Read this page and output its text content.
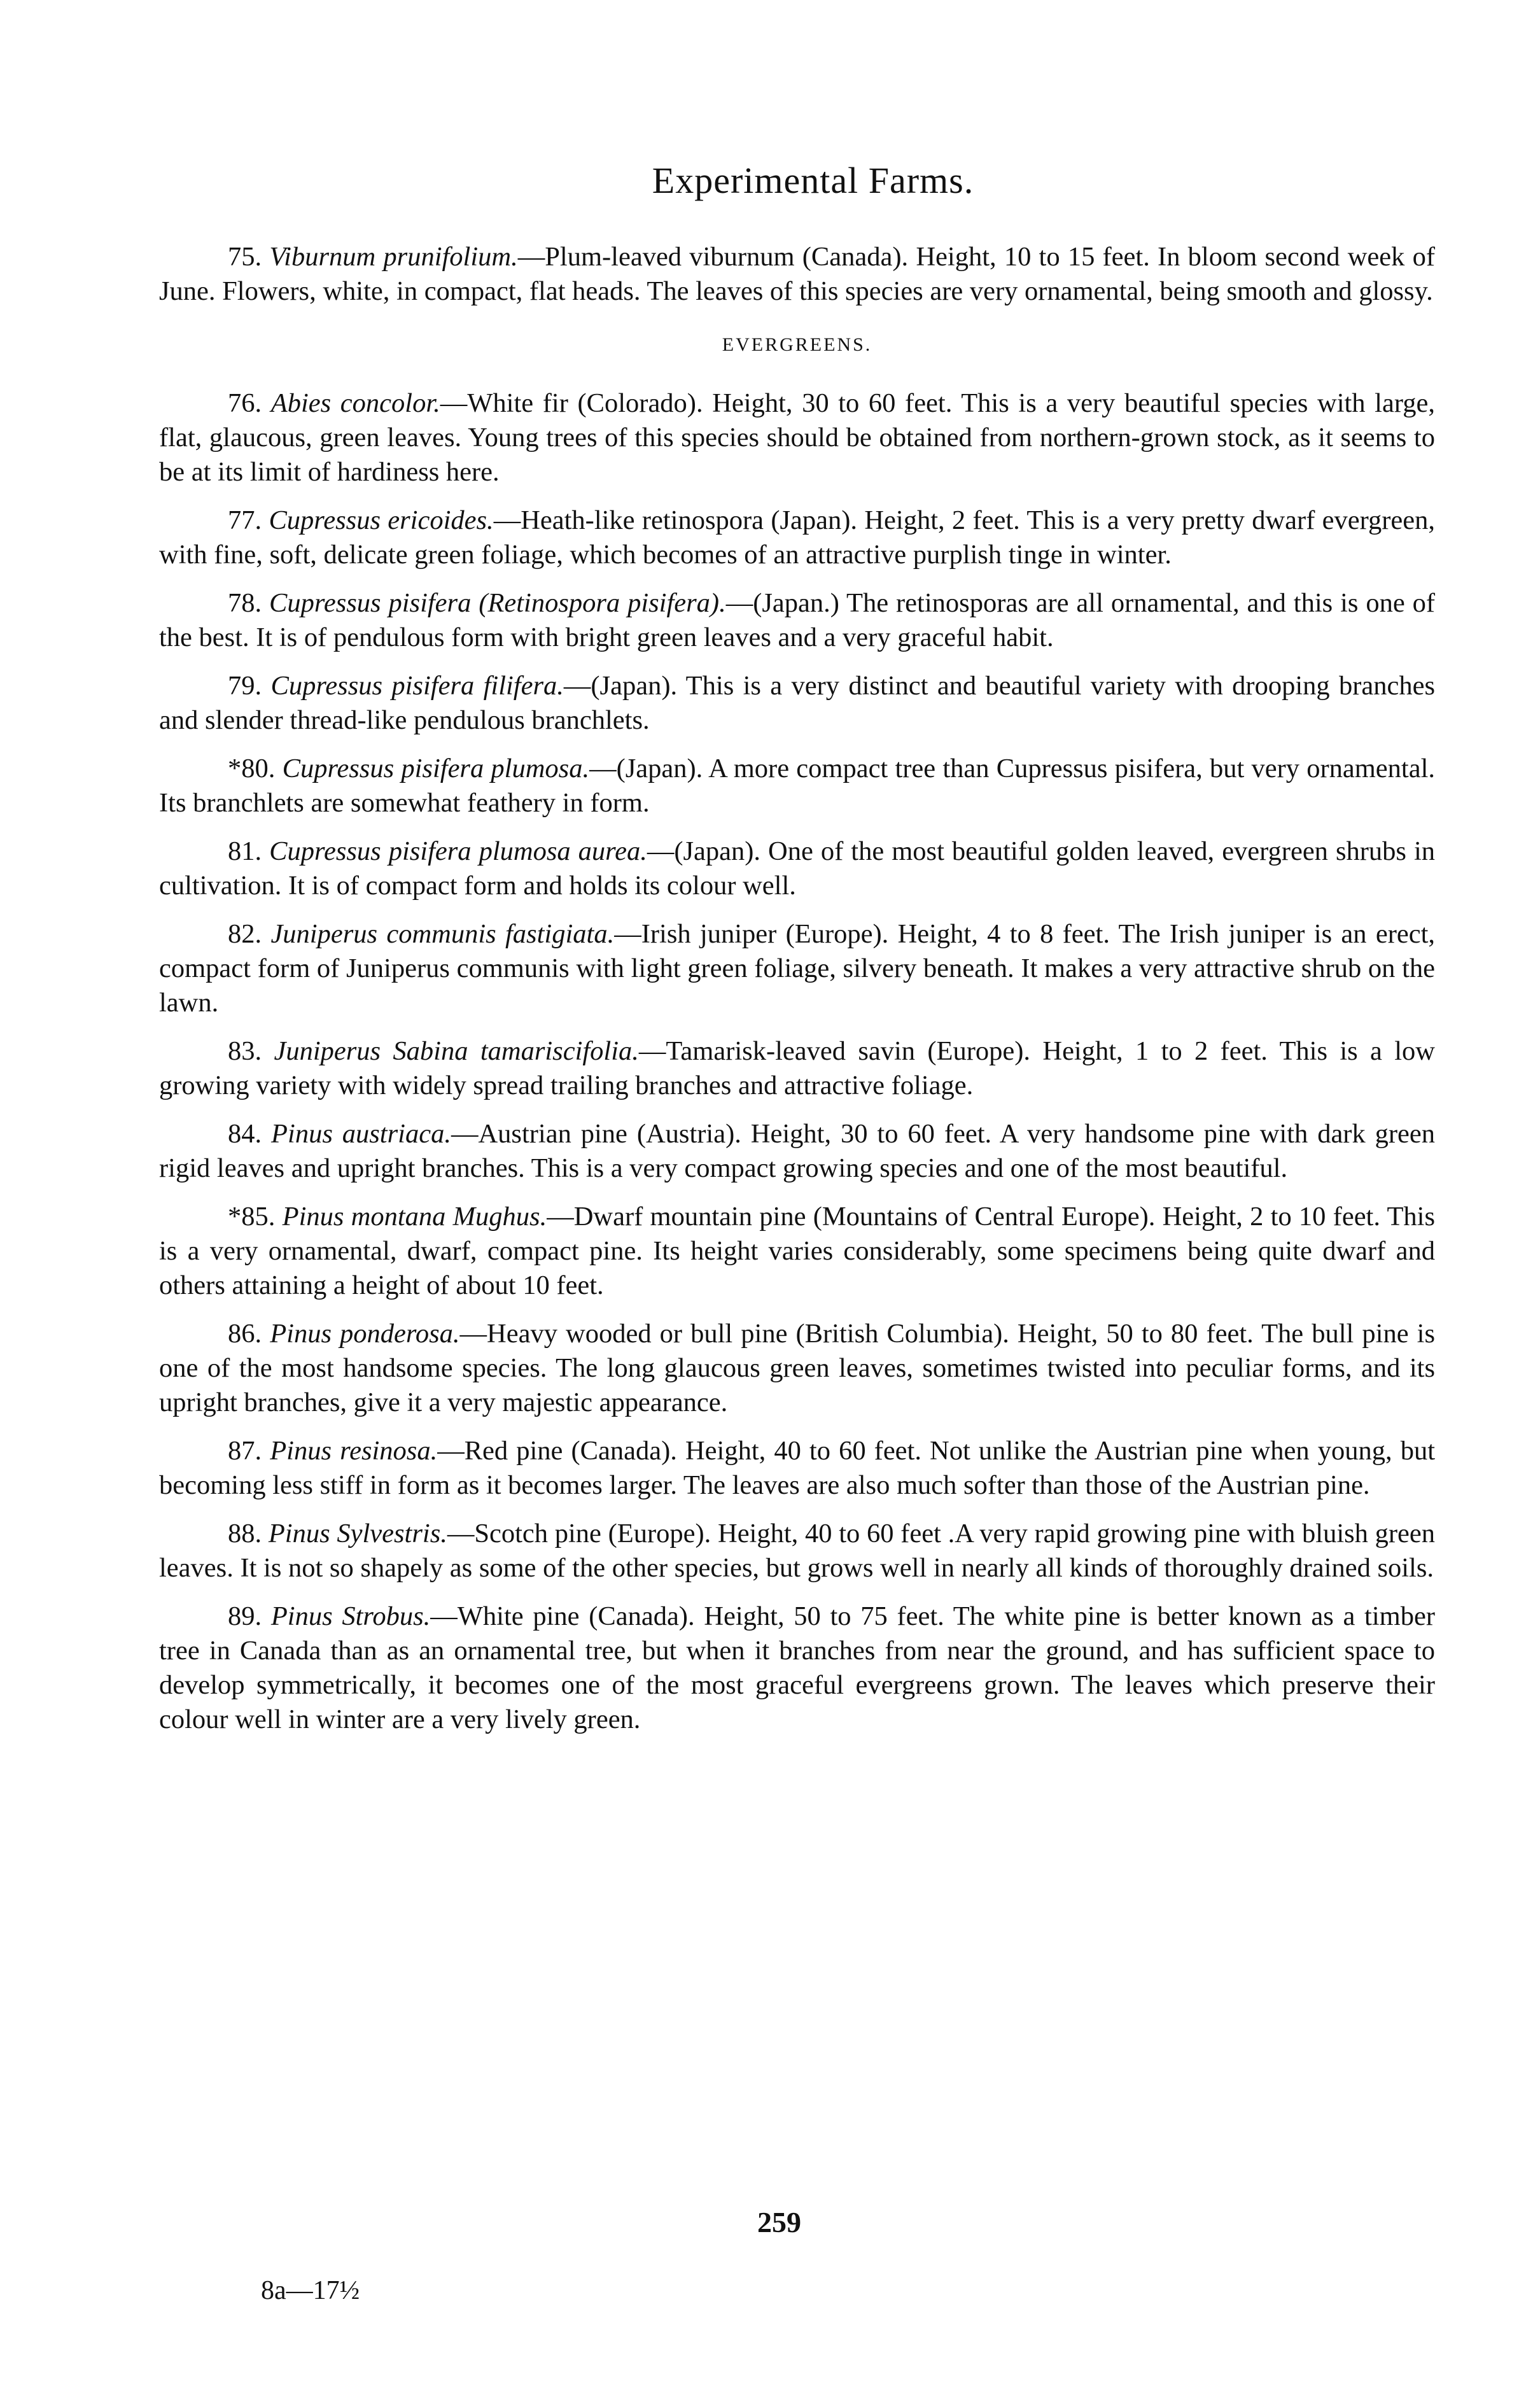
Experimental Farms.

75. Viburnum prunifolium.—Plum-leaved viburnum (Canada). Height, 10 to 15 feet. In bloom second week of June. Flowers, white, in compact, flat heads. The leaves of this species are very ornamental, being smooth and glossy.

EVERGREENS.

76. Abies concolor.—White fir (Colorado). Height, 30 to 60 feet. This is a very beautiful species with large, flat, glaucous, green leaves. Young trees of this species should be obtained from northern-grown stock, as it seems to be at its limit of hardiness here.

77. Cupressus ericoides.—Heath-like retinospora (Japan). Height, 2 feet. This is a very pretty dwarf evergreen, with fine, soft, delicate green foliage, which becomes of an attractive purplish tinge in winter.

78. Cupressus pisifera (Retinospora pisifera).—(Japan.) The retinosporas are all ornamental, and this is one of the best. It is of pendulous form with bright green leaves and a very graceful habit.

79. Cupressus pisifera filifera.—(Japan). This is a very distinct and beautiful variety with drooping branches and slender thread-like pendulous branchlets.

*80. Cupressus pisifera plumosa.—(Japan). A more compact tree than Cupressus pisifera, but very ornamental. Its branchlets are somewhat feathery in form.

81. Cupressus pisifera plumosa aurea.—(Japan). One of the most beautiful golden leaved, evergreen shrubs in cultivation. It is of compact form and holds its colour well.

82. Juniperus communis fastigiata.—Irish juniper (Europe). Height, 4 to 8 feet. The Irish juniper is an erect, compact form of Juniperus communis with light green foliage, silvery beneath. It makes a very attractive shrub on the lawn.

83. Juniperus Sabina tamariscifolia.—Tamarisk-leaved savin (Europe). Height, 1 to 2 feet. This is a low growing variety with widely spread trailing branches and attractive foliage.

84. Pinus austriaca.—Austrian pine (Austria). Height, 30 to 60 feet. A very handsome pine with dark green rigid leaves and upright branches. This is a very compact growing species and one of the most beautiful.

*85. Pinus montana Mughus.—Dwarf mountain pine (Mountains of Central Europe). Height, 2 to 10 feet. This is a very ornamental, dwarf, compact pine. Its height varies considerably, some specimens being quite dwarf and others attaining a height of about 10 feet.

86. Pinus ponderosa.—Heavy wooded or bull pine (British Columbia). Height, 50 to 80 feet. The bull pine is one of the most handsome species. The long glaucous green leaves, sometimes twisted into peculiar forms, and its upright branches, give it a very majestic appearance.

87. Pinus resinosa.—Red pine (Canada). Height, 40 to 60 feet. Not unlike the Austrian pine when young, but becoming less stiff in form as it becomes larger. The leaves are also much softer than those of the Austrian pine.

88. Pinus Sylvestris.—Scotch pine (Europe). Height, 40 to 60 feet .A very rapid growing pine with bluish green leaves. It is not so shapely as some of the other species, but grows well in nearly all kinds of thoroughly drained soils.

89. Pinus Strobus.—White pine (Canada). Height, 50 to 75 feet. The white pine is better known as a timber tree in Canada than as an ornamental tree, but when it branches from near the ground, and has sufficient space to develop symmetrically, it becomes one of the most graceful evergreens grown. The leaves which preserve their colour well in winter are a very lively green.

259
8a—17½
